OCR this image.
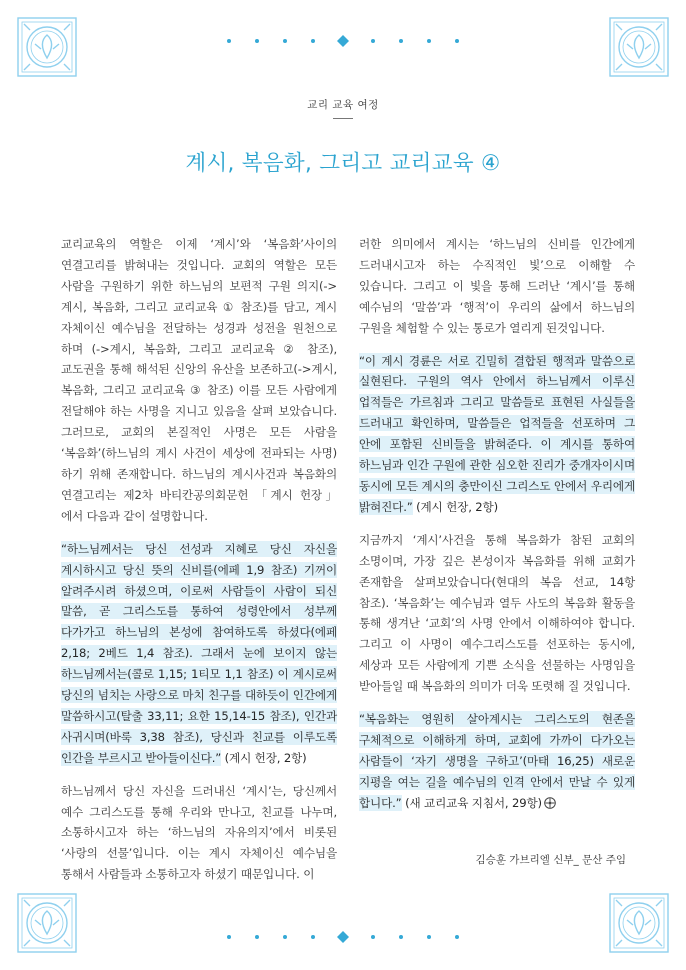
교리 교육 여정
계시, 복음화, 그리고 교리교육 ④

교리교육의 역할은 이제 ‘계시’와 ‘복음화’사이의 연결고리를 밝혀내는 것입니다. 교회의 역할은 모든 사람을 구원하기 위한 하느님의 보편적 구원 의지(->계시, 복음화, 그리고 교리교육 ① 참조)를 담고, 계시 자체이신 예수님을 전달하는 성경과 성전을 원천으로 하며 (->계시, 복음화, 그리고 교리교육 ② 참조), 교도권을 통해 해석된 신앙의 유산을 보존하고(->계시, 복음화, 그리고 교리교육 ③ 참조) 이를 모든 사람에게 전달해야 하는 사명을 지니고 있음을 살펴 보았습니다. 그러므로, 교회의 본질적인 사명은 모든 사람을 ‘복음화’(하느님의 계시 사건이 세상에 전파되는 사명)하기 위해 존재합니다. 하느님의 계시사건과 복음화의 연결고리는 제2차 바티칸공의회문헌 「계시 헌장」에서 다음과 같이 설명합니다.

“하느님께서는 당신 선성과 지혜로 당신 자신을 계시하시고 당신 뜻의 신비를(에페 1,9 참조) 기꺼이 알려주시려 하셨으며, 이로써 사람들이 사람이 되신 말씀, 곧 그리스도를 통하여 성령안에서 성부께 다가가고 하느님의 본성에 참여하도록 하셨다(에페 2,18; 2베드 1,4 참조). 그래서 눈에 보이지 않는 하느님께서는(콜로 1,15; 1티모 1,1 참조) 이 계시로써 당신의 넘치는 사랑으로 마치 친구를 대하듯이 인간에게 말씀하시고(탈출 33,11; 요한 15,14-15 참조), 인간과 사귀시며(바룩 3,38 참조), 당신과 친교를 이루도록 인간을 부르시고 받아들이신다.” (계시 헌장, 2항)

하느님께서 당신 자신을 드러내신 ‘계시’는, 당신께서 예수 그리스도를 통해 우리와 만나고, 친교를 나누며, 소통하시고자 하는 ‘하느님의 자유의지’에서 비롯된 ‘사랑의 선물’입니다. 이는 계시 자체이신 예수님을 통해서 사람들과 소통하고자 하셨기 때문입니다. 이

러한 의미에서 계시는 ‘하느님의 신비를 인간에게 드러내시고자 하는 수직적인 빛’으로 이해할 수 있습니다. 그리고 이 빛을 통해 드러난 ‘계시’를 통해 예수님의 ‘말씀’과 ‘행적’이 우리의 삶에서 하느님의 구원을 체험할 수 있는 통로가 열리게 된것입니다.

“이 계시 경륜은 서로 긴밀히 결합된 행적과 말씀으로 실현된다. 구원의 역사 안에서 하느님께서 이루신 업적들은 가르침과 그리고 말씀들로 표현된 사실들을 드러내고 확인하며, 말씀들은 업적들을 선포하며 그 안에 포함된 신비들을 밝혀준다. 이 계시를 통하여 하느님과 인간 구원에 관한 심오한 진리가 중개자이시며 동시에 모든 계시의 충만이신 그리스도 안에서 우리에게 밝혀진다.” (계시 헌장, 2항)

지금까지 ‘계시’사건을 통해 복음화가 참된 교회의 소명이며, 가장 깊은 본성이자 복음화를 위해 교회가 존재함을 살펴보았습니다(현대의 복음 선교, 14항 참조). ‘복음화’는 예수님과 열두 사도의 복음화 활동을 통해 생겨난 ‘교회’의 사명 안에서 이해하여야 합니다. 그리고 이 사명이 예수그리스도를 선포하는 동시에, 세상과 모든 사람에게 기쁜 소식을 선물하는 사명임을 받아들일 때 복음화의 의미가 더욱 또렷해 질 것입니다.

“복음화는 영원히 살아계시는 그리스도의 현존을 구체적으로 이해하게 하며, 교회에 가까이 다가오는 사람들이 ‘자기 생명을 구하고’(마태 16,25) 새로운 지평을 여는 길을 예수님의 인격 안에서 만날 수 있게 합니다.” (새 교리교육 지침서, 29항)

김승훈 가브리엘 신부_ 문산 주임
